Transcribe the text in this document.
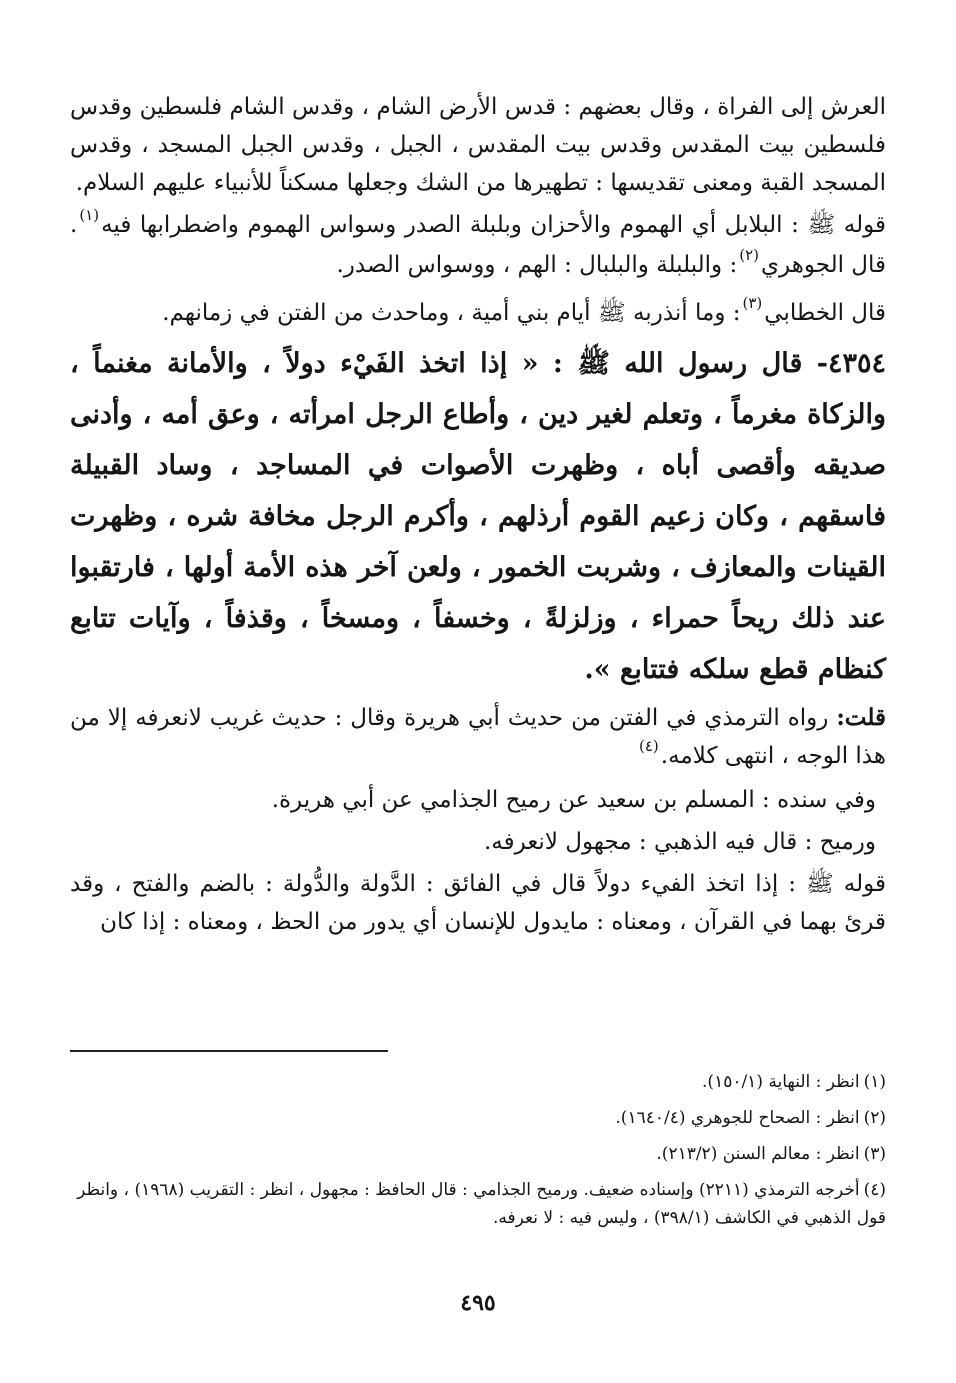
العرش إلى الفراة ، وقال بعضهم : قدس الأرض الشام ، وقدس الشام فلسطين وقدس فلسطين بيت المقدس وقدس بيت المقدس ، الجبل ، وقدس الجبل المسجد ، وقدس المسجد القبة ومعنى تقديسها : تطهيرها من الشك وجعلها مسكناً للأنبياء عليهم السلام.

قوله ﷺ : البلابل أي الهموم والأحزان وبلبلة الصدر وسواس الهموم واضطرابها فيه$^{(١)}$. قال الجوهري$^{(٢)}$: والبلبلة والبلبال : الهم ، ووسواس الصدر.

قال الخطابي$^{(٣)}$: وما أنذربه ﷺ أيام بني أمية ، وماحدث من الفتن في زمانهم.

٤٣٥٤- قال رسول الله ﷺ : « إذا اتخذ الفَيْء دولاً ، والأمانة مغنماً ، والزكاة مغرماً ، وتعلم لغير دين ، وأطاع الرجل امرأته ، وعق أمه ، وأدنى صديقه وأقصى أباه ، وظهرت الأصوات في المساجد ، وساد القبيلة فاسقهم ، وكان زعيم القوم أرذلهم ، وأكرم الرجل مخافة شره ، وظهرت القينات والمعازف ، وشربت الخمور ، ولعن آخر هذه الأمة أولها ، فارتقبوا عند ذلك ريحاً حمراء ، وزلزلةً ، وخسفاً ، ومسخاً ، وقذفاً ، وآيات تتابع كنظام قطع سلكه فتتابع ».

قلت: رواه الترمذي في الفتن من حديث أبي هريرة وقال : حديث غريب لانعرفه إلا من هذا الوجه ، انتهى كلامه.$^{(٤)}$

وفي سنده : المسلم بن سعيد عن رميح الجذامي عن أبي هريرة.

ورميح : قال فيه الذهبي : مجهول لانعرفه.

قوله ﷺ : إذا اتخذ الفيء دولاً قال في الفائق : الدَّولة والدُّولة : بالضم والفتح ، وقد قرئ بهما في القرآن ، ومعناه : مايدول للإنسان أي يدور من الحظ ، ومعناه : إذا كان

(١)انظر : النهاية (١٥٠/١).
(٢)انظر : الصحاح للجوهري (١٦٤٠/٤).
(٣)انظر : معالم السنن (٢١٣/٢).
(٤)أخرجه الترمذي (٢٢١١) وإسناده ضعيف. ورميح الجذامي : قال الحافظ : مجهول ، انظر : التقريب (١٩٦٨) ، وانظر قول الذهبي في الكاشف (٣٩٨/١) ، وليس فيه : لا نعرفه.
٤٩٥
